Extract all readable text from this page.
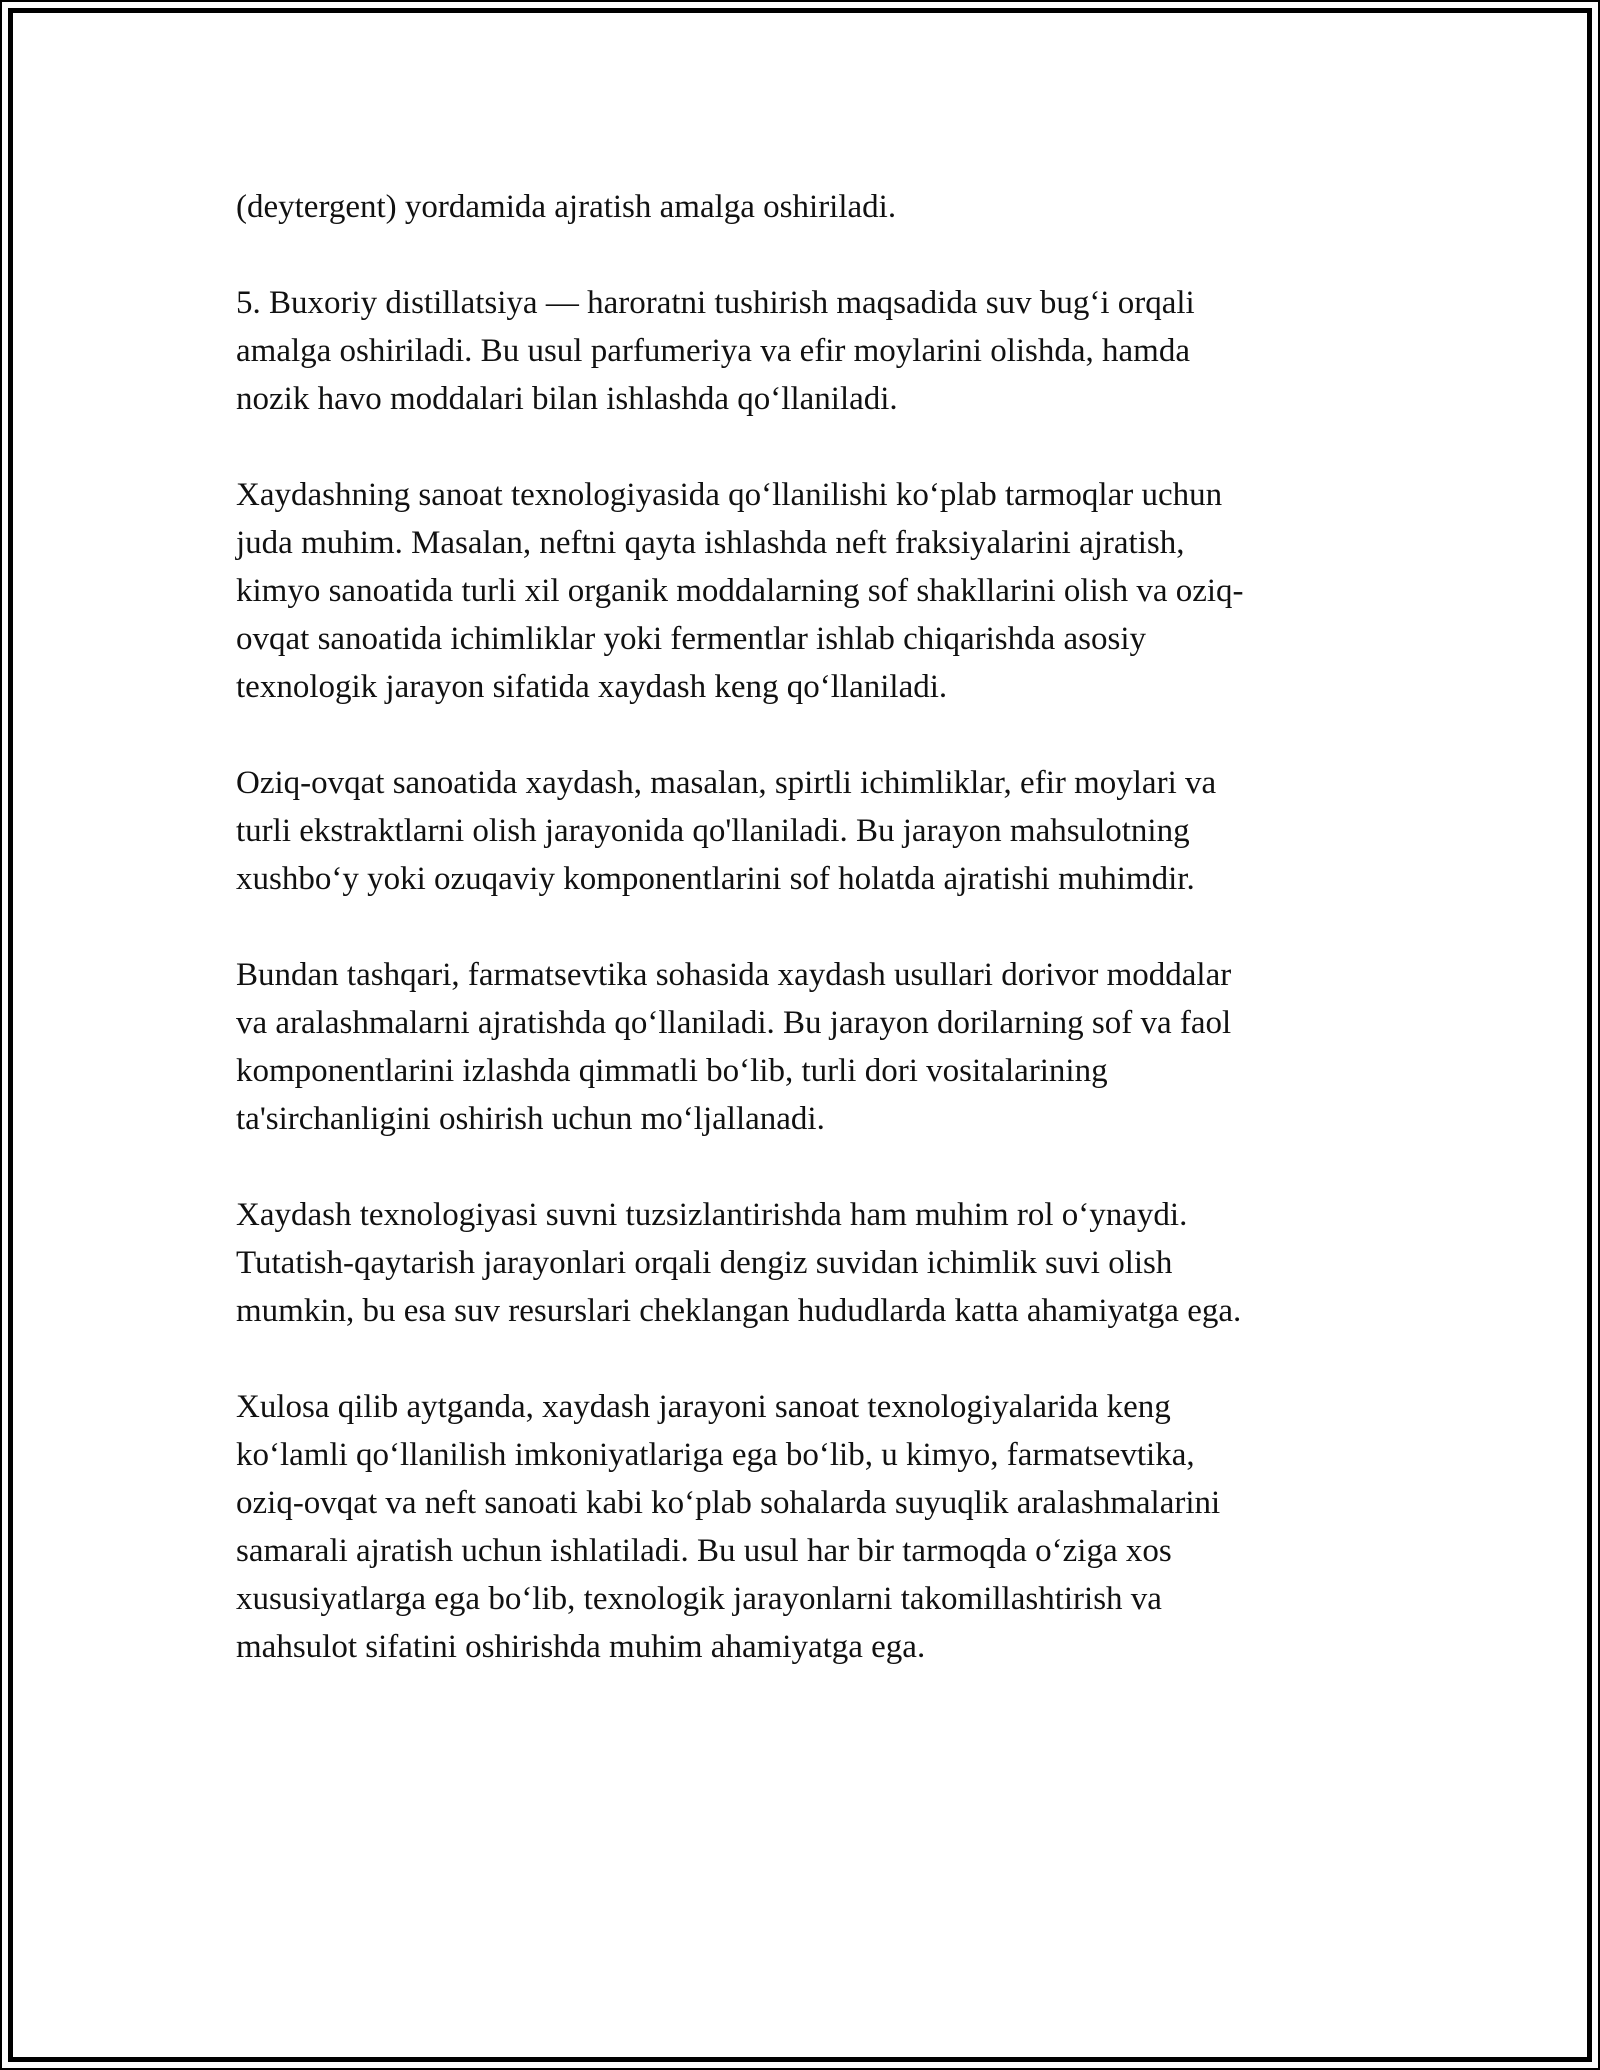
(deytergent) yordamida ajratish amalga oshiriladi.
5. Buxoriy distillatsiya — haroratni tushirish maqsadida suv bug‘i orqali
amalga oshiriladi. Bu usul parfumeriya va efir moylarini olishda, hamda
nozik havo moddalari bilan ishlashda qo‘llaniladi.
Xaydashning sanoat texnologiyasida qo‘llanilishi ko‘plab tarmoqlar uchun
juda muhim. Masalan, neftni qayta ishlashda neft fraksiyalarini ajratish,
kimyo sanoatida turli xil organik moddalarning sof shakllarini olish va oziq-
ovqat sanoatida ichimliklar yoki fermentlar ishlab chiqarishda asosiy
texnologik jarayon sifatida xaydash keng qo‘llaniladi.
Oziq-ovqat sanoatida xaydash, masalan, spirtli ichimliklar, efir moylari va
turli ekstraktlarni olish jarayonida qo'llaniladi. Bu jarayon mahsulotning
xushbo‘y yoki ozuqaviy komponentlarini sof holatda ajratishi muhimdir.
Bundan tashqari, farmatsevtika sohasida xaydash usullari dorivor moddalar
va aralashmalarni ajratishda qo‘llaniladi. Bu jarayon dorilarning sof va faol
komponentlarini izlashda qimmatli bo‘lib, turli dori vositalarining
ta'sirchanligini oshirish uchun mo‘ljallanadi.
Xaydash texnologiyasi suvni tuzsizlantirishda ham muhim rol o‘ynaydi.
Tutatish-qaytarish jarayonlari orqali dengiz suvidan ichimlik suvi olish
mumkin, bu esa suv resurslari cheklangan hududlarda katta ahamiyatga ega.
Xulosa qilib aytganda, xaydash jarayoni sanoat texnologiyalarida keng
ko‘lamli qo‘llanilish imkoniyatlariga ega bo‘lib, u kimyo, farmatsevtika,
oziq-ovqat va neft sanoati kabi ko‘plab sohalarda suyuqlik aralashmalarini
samarali ajratish uchun ishlatiladi. Bu usul har bir tarmoqda o‘ziga xos
xususiyatlarga ega bo‘lib, texnologik jarayonlarni takomillashtirish va
mahsulot sifatini oshirishda muhim ahamiyatga ega.
